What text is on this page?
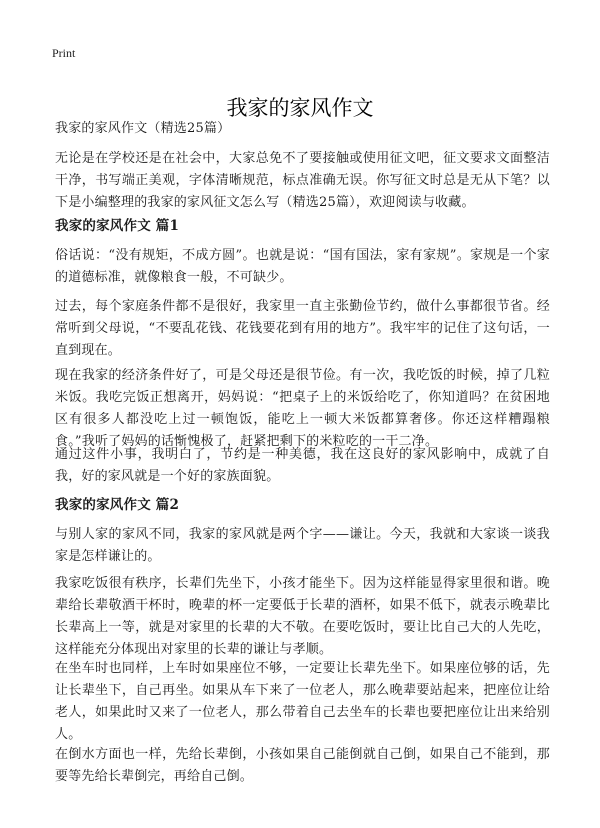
Print
我家的家风作文
我家的家风作文（精选25篇）
无论是在学校还是在社会中，大家总免不了要接触或使用征文吧，征文要求文面整洁干净，书写端正美观，字体清晰规范，标点准确无误。你写征文时总是无从下笔？以下是小编整理的我家的家风征文怎么写（精选25篇），欢迎阅读与收藏。
我家的家风作文 篇1
俗话说：“没有规矩，不成方圆”。也就是说：“国有国法，家有家规”。家规是一个家的道德标准，就像粮食一般，不可缺少。
过去，每个家庭条件都不是很好，我家里一直主张勤俭节约，做什么事都很节省。经常听到父母说，“不要乱花钱、花钱要花到有用的地方”。我牢牢的记住了这句话，一直到现在。
现在我家的经济条件好了，可是父母还是很节俭。有一次，我吃饭的时候，掉了几粒米饭。我吃完饭正想离开，妈妈说：“把桌子上的米饭给吃了，你知道吗？在贫困地区有很多人都没吃上过一顿饱饭，能吃上一顿大米饭都算奢侈。你还这样糟蹋粮食。”我听了妈妈的话惭愧极了，赶紧把剩下的米粒吃的一干二净。
通过这件小事，我明白了，节约是一种美德，我在这良好的家风影响中，成就了自我，好的家风就是一个好的家族面貌。
我家的家风作文 篇2
与别人家的家风不同，我家的家风就是两个字——谦让。今天，我就和大家谈一谈我家是怎样谦让的。
我家吃饭很有秩序，长辈们先坐下，小孩才能坐下。因为这样能显得家里很和谐。晚辈给长辈敬酒干杯时，晚辈的杯一定要低于长辈的酒杯，如果不低下，就表示晚辈比长辈高上一等，就是对家里的长辈的大不敬。在要吃饭时，要让比自己大的人先吃，这样能充分体现出对家里的长辈的谦让与孝顺。
在坐车时也同样，上车时如果座位不够，一定要让长辈先坐下。如果座位够的话，先让长辈坐下，自己再坐。如果从车下来了一位老人，那么晚辈要站起来，把座位让给老人，如果此时又来了一位老人，那么带着自己去坐车的长辈也要把座位让出来给别人。
在倒水方面也一样，先给长辈倒，小孩如果自己能倒就自己倒，如果自己不能到，那要等先给长辈倒完，再给自己倒。
